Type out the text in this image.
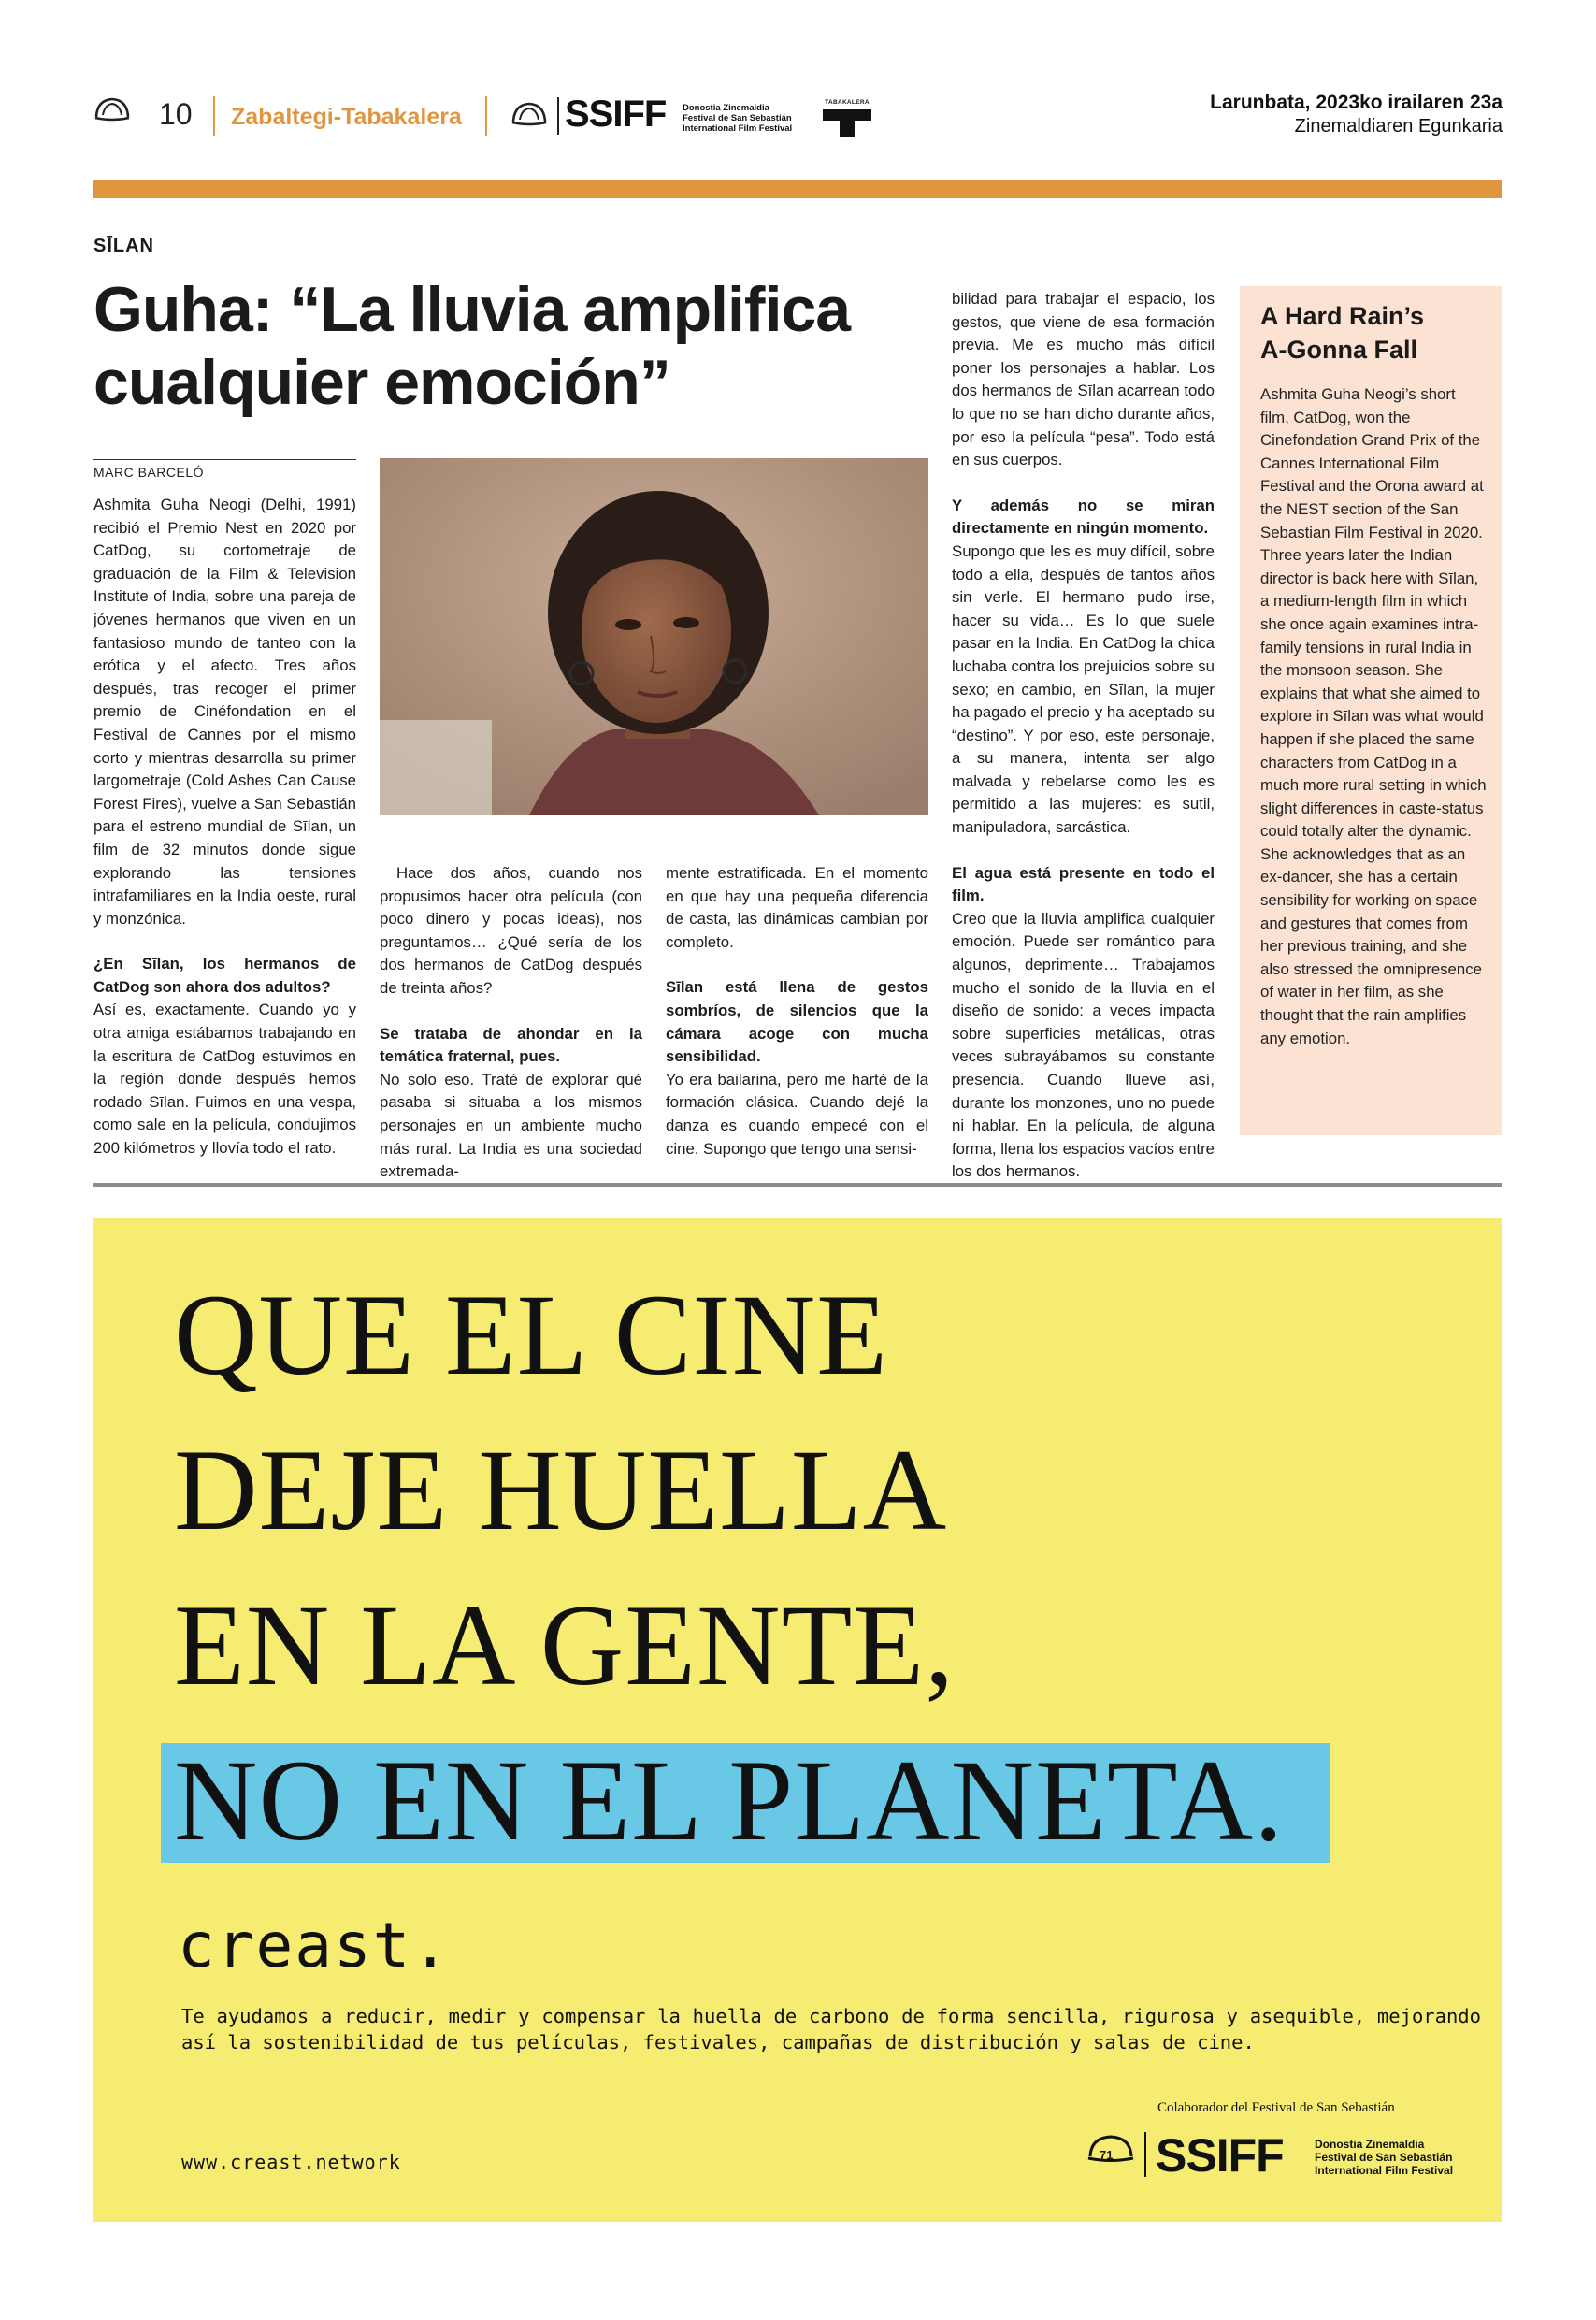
10 Zabaltegi-Tabakalera	SSIFF Donostia Zinemaldia
Festival de San Sebastián
International Film Festival
TABAKALERA	Larunbata, 2023ko irailaren 23a
Zinemaldiaren Egunkaria
SĪLAN
Guha: “La lluvia amplifica
cualquier emoción”
MARC BARCELÓ

Ashmita Guha Neogi (Delhi, 1991) recibió el Premio Nest en 2020 por CatDog, su cortometraje de graduación de la Film & Television Institute of India, sobre una pareja de jóvenes hermanos que viven en un fantasioso mundo de tanteo con la erótica y el afecto. Tres años después, tras recoger el primer premio de Cinéfondation en el Festival de Cannes por el mismo corto y mientras desarrolla su primer largometraje (Cold Ashes Can Cause Forest Fires), vuelve a San Sebastián para el estreno mundial de Sīlan, un film de 32 minutos donde sigue explorando las tensiones intrafamiliares en la India oeste, rural y monzónica.

¿En Sīlan, los hermanos de CatDog son ahora dos adultos?

Así es, exactamente. Cuando yo y otra amiga estábamos trabajando en la escritura de CatDog estuvimos en la región donde después hemos rodado Sīlan. Fuimos en una vespa, como sale en la película, condujimos 200 kilómetros y llovía todo el rato.

Hace dos años, cuando nos propusimos hacer otra película (con poco dinero y pocas ideas), nos preguntamos… ¿Qué sería de los dos hermanos de CatDog después de treinta años?

Se trataba de ahondar en la temática fraternal, pues.

No solo eso. Traté de explorar qué pasaba si situaba a los mismos personajes en un ambiente mucho más rural. La India es una sociedad extremada-

mente estratificada. En el momento en que hay una pequeña diferencia de casta, las dinámicas cambian por completo.

Sīlan está llena de gestos sombríos, de silencios que la cámara acoge con mucha sensibilidad.

Yo era bailarina, pero me harté de la formación clásica. Cuando dejé la danza es cuando empecé con el cine. Supongo que tengo una sensi-

bilidad para trabajar el espacio, los gestos, que viene de esa formación previa. Me es mucho más difícil poner los personajes a hablar. Los dos hermanos de Sīlan acarrean todo lo que no se han dicho durante años, por eso la película “pesa”. Todo está en sus cuerpos.

Y además no se miran directamente en ningún momento.

Supongo que les es muy difícil, sobre todo a ella, después de tantos años sin verle. El hermano pudo irse, hacer su vida… Es lo que suele pasar en la India. En CatDog la chica luchaba contra los prejuicios sobre su sexo; en cambio, en Sīlan, la mujer ha pagado el precio y ha aceptado su “destino”. Y por eso, este personaje, a su manera, intenta ser algo malvada y rebelarse como les es permitido a las mujeres: es sutil, manipuladora, sarcástica.

El agua está presente en todo el film.

Creo que la lluvia amplifica cualquier emoción. Puede ser romántico para algunos, deprimente… Trabajamos mucho el sonido de la lluvia en el diseño de sonido: a veces impacta sobre superficies metálicas, otras veces subrayábamos su constante presencia. Cuando llueve así, durante los monzones, uno no puede ni hablar. En la película, de alguna forma, llena los espacios vacíos entre los dos hermanos.

A Hard Rain’s
A-Gonna Fall
Ashmita Guha Neogi’s short film, CatDog, won the Cinefondation Grand Prix of the Cannes International Film Festival and the Orona award at the NEST section of the San Sebastian Film Festival in 2020. Three years later the Indian director is back here with Sīlan, a medium-length film in which she once again examines intra-family tensions in rural India in the monsoon season. She explains that what she aimed to explore in Sīlan was what would happen if she placed the same characters from CatDog in a much more rural setting in which slight differences in caste-status could totally alter the dynamic. She acknowledges that as an ex-dancer, she has a certain sensibility for working on space and gestures that comes from her previous training, and she also stressed the omnipresence of water in her film, as she thought that the rain amplifies any emotion.
QUE EL CINE
DEJE HUELLA
EN LA GENTE,
NO EN EL PLANETA.
creast.
Te ayudamos a reducir, medir y compensar la huella de carbono de forma sencilla, rigurosa y asequible, mejorando así la sostenibilidad de tus películas, festivales, campañas de distribución y salas de cine.
www.creast.network
Colaborador del Festival de San Sebastián
71 SSIFF	Donostia Zinemaldia
Festival de San Sebastián
International Film Festival
